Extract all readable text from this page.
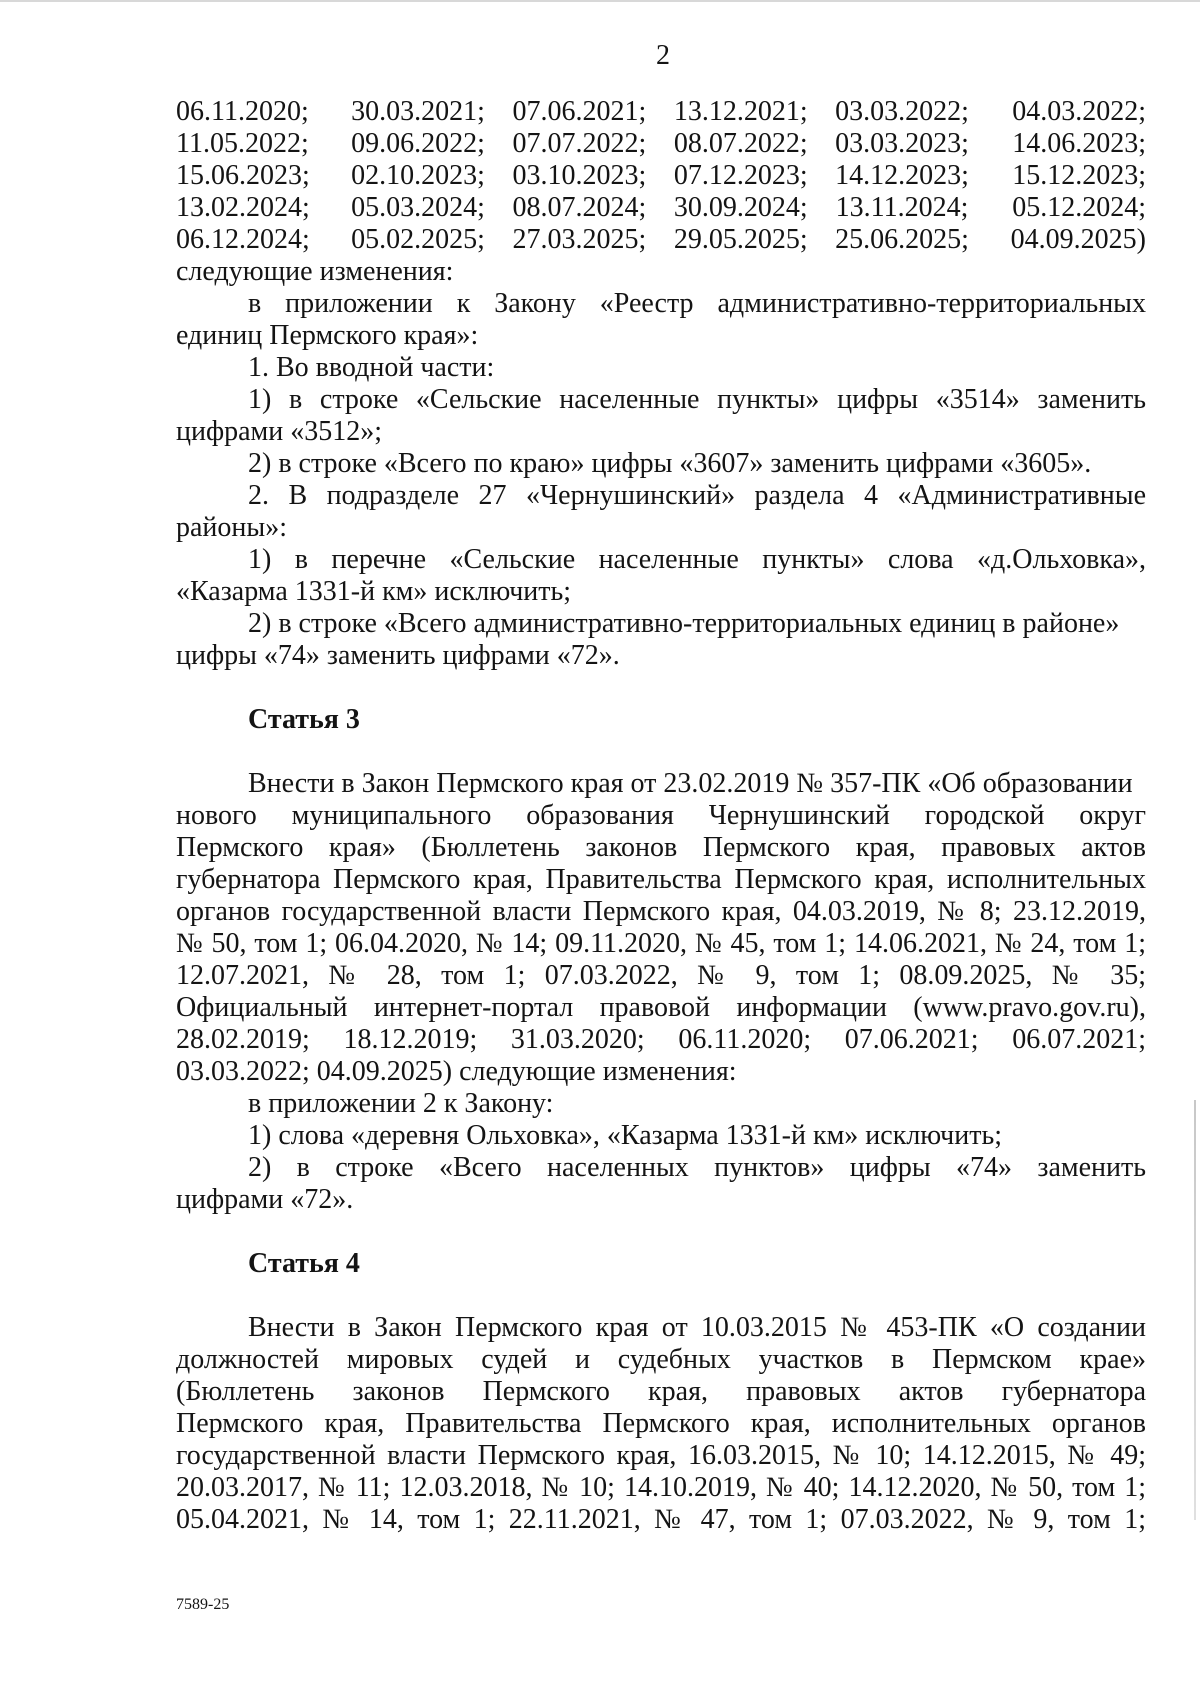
2
06.11.2020;	30.03.2021;	07.06.2021;	13.12.2021;	03.03.2022;	04.03.2022;
11.05.2022;	09.06.2022;	07.07.2022;	08.07.2022;	03.03.2023;	14.06.2023;
15.06.2023;	02.10.2023;	03.10.2023;	07.12.2023;	14.12.2023;	15.12.2023;
13.02.2024;	05.03.2024;	08.07.2024;	30.09.2024;	13.11.2024;	05.12.2024;
06.12.2024;	05.02.2025;	27.03.2025;	29.05.2025;	25.06.2025;	04.09.2025)
следующие изменения:
в приложении к Закону «Реестр административно-территориальных
единиц Пермского края»:
1. Во вводной части:
1) в строке «Сельские населенные пункты» цифры «3514» заменить
цифрами «3512»;
2) в строке «Всего по краю» цифры «3607» заменить цифрами «3605».
2. В подразделе 27 «Чернушинский» раздела 4 «Административные
районы»:
1) в перечне «Сельские населенные пункты» слова «д.Ольховка»,
«Казарма 1331-й км» исключить;
2) в строке «Всего административно-территориальных единиц в районе»
цифры «74» заменить цифрами «72».
Статья 3
Внести в Закон Пермского края от 23.02.2019 № 357-ПК «Об образовании
нового муниципального образования Чернушинский городской округ
Пермского края» (Бюллетень законов Пермского края, правовых актов
губернатора Пермского края, Правительства Пермского края, исполнительных
органов государственной власти Пермского края, 04.03.2019, № 8; 23.12.2019,
№ 50, том 1; 06.04.2020, № 14; 09.11.2020, № 45, том 1; 14.06.2021, № 24, том 1;
12.07.2021, № 28, том 1; 07.03.2022, № 9, том 1; 08.09.2025, № 35;
Официальный интернет-портал правовой информации (www.pravo.gov.ru),
28.02.2019; 18.12.2019; 31.03.2020; 06.11.2020; 07.06.2021; 06.07.2021;
03.03.2022; 04.09.2025) следующие изменения:
в приложении 2 к Закону:
1) слова «деревня Ольховка», «Казарма 1331-й км» исключить;
2) в строке «Всего населенных пунктов» цифры «74» заменить
цифрами «72».
Статья 4
Внести в Закон Пермского края от 10.03.2015 № 453-ПК «О создании
должностей мировых судей и судебных участков в Пермском крае»
(Бюллетень законов Пермского края, правовых актов губернатора
Пермского края, Правительства Пермского края, исполнительных органов
государственной власти Пермского края, 16.03.2015, № 10; 14.12.2015, № 49;
20.03.2017, № 11; 12.03.2018, № 10; 14.10.2019, № 40; 14.12.2020, № 50, том 1;
05.04.2021, № 14, том 1; 22.11.2021, № 47, том 1; 07.03.2022, № 9, том 1;
7589-25
